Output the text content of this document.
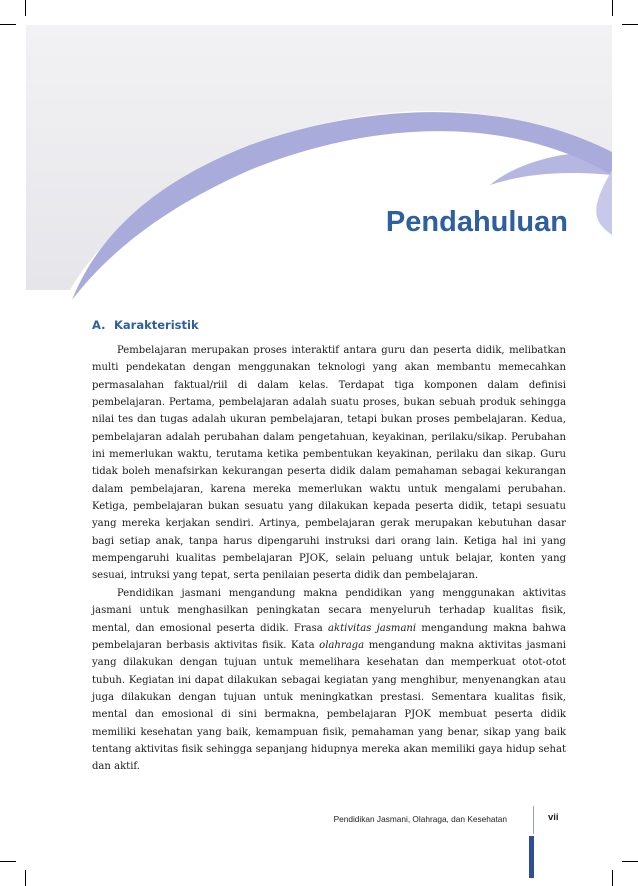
Pendahuluan
A. Karakteristik

Pembelajaran merupakan proses interaktif antara guru dan peserta didik, melibatkan multi pendekatan dengan menggunakan teknologi yang akan membantu memecahkan permasalahan faktual/riil di dalam kelas. Terdapat tiga komponen dalam definisi pembelajaran. Pertama, pembelajaran adalah suatu proses, bukan sebuah produk sehingga nilai tes dan tugas adalah ukuran pembelajaran, tetapi bukan proses pembelajaran. Kedua, pembelajaran adalah perubahan dalam pengetahuan, keyakinan, perilaku/sikap. Perubahan ini memerlukan waktu, terutama ketika pembentukan keyakinan, perilaku dan sikap. Guru tidak boleh menafsirkan kekurangan peserta didik dalam pemahaman sebagai kekurangan dalam pembelajaran, karena mereka memerlukan waktu untuk mengalami perubahan. Ketiga, pembelajaran bukan sesuatu yang dilakukan kepada peserta didik, tetapi sesuatu yang mereka kerjakan sendiri. Artinya, pembelajaran gerak merupakan kebutuhan dasar bagi setiap anak, tanpa harus dipengaruhi instruksi dari orang lain. Ketiga hal ini yang mempengaruhi kualitas pembelajaran PJOK, selain peluang untuk belajar, konten yang sesuai, intruksi yang tepat, serta penilaian peserta didik dan pembelajaran.

Pendidikan jasmani mengandung makna pendidikan yang menggunakan aktivitas jasmani untuk menghasilkan peningkatan secara menyeluruh terhadap kualitas fisik, mental, dan emosional peserta didik. Frasa aktivitas jasmani mengandung makna bahwa pembelajaran berbasis aktivitas fisik. Kata olahraga mengandung makna aktivitas jasmani yang dilakukan dengan tujuan untuk memelihara kesehatan dan memperkuat otot-otot tubuh. Kegiatan ini dapat dilakukan sebagai kegiatan yang menghibur, menyenangkan atau juga dilakukan dengan tujuan untuk meningkatkan prestasi. Sementara kualitas fisik, mental dan emosional di sini bermakna, pembelajaran PJOK membuat peserta didik memiliki kesehatan yang baik, kemampuan fisik, pemahaman yang benar, sikap yang baik tentang aktivitas fisik sehingga sepanjang hidupnya mereka akan memiliki gaya hidup sehat dan aktif.

Pendidikan Jasmani, Olahraga, dan Kesehatan	vii
